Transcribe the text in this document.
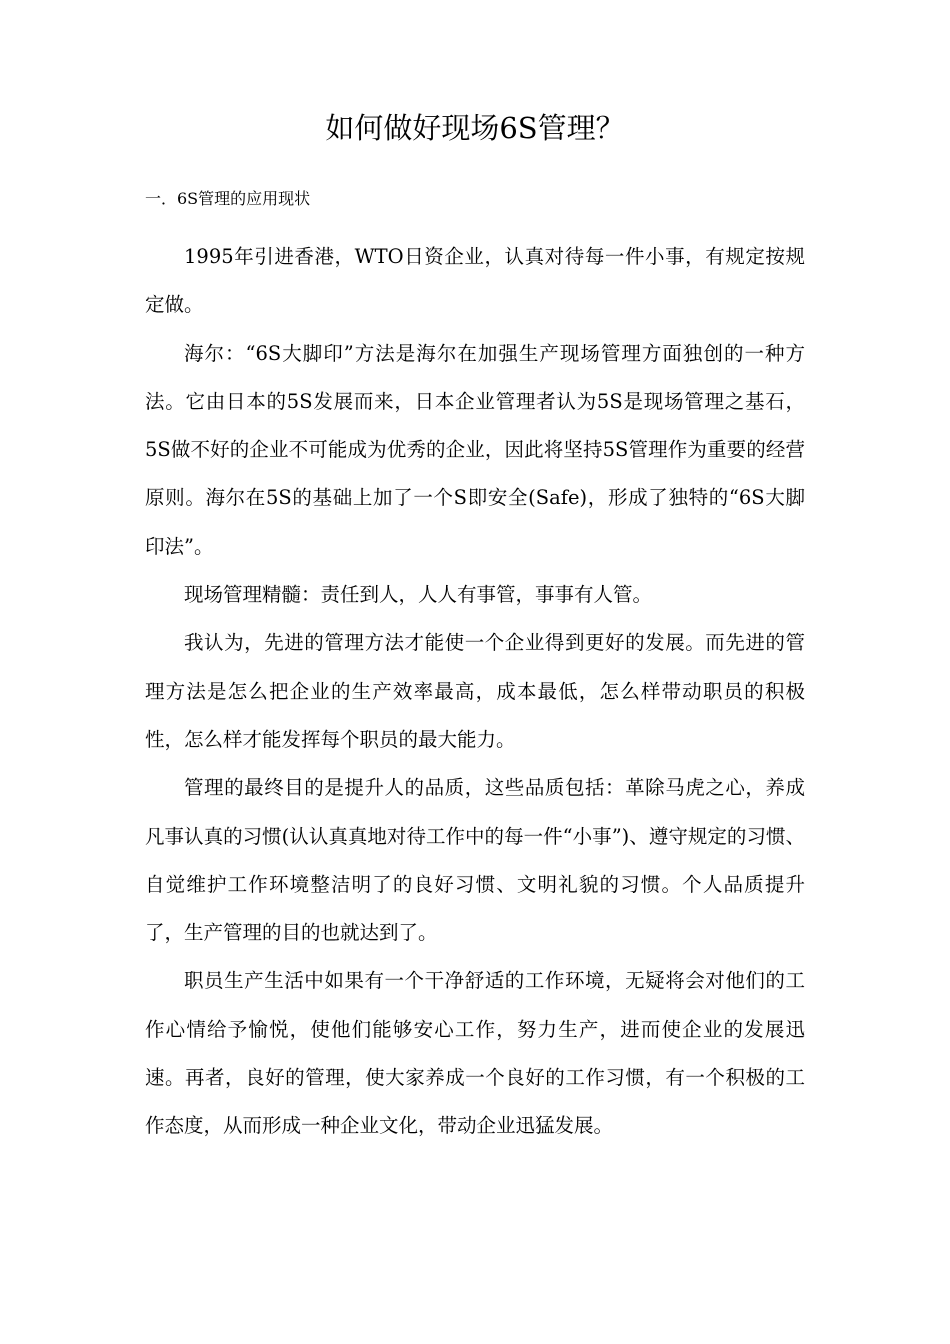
如何做好现场6S管理？

一．6S管理的应用现状

1995年引进香港，WTO日资企业，认真对待每一件小事，有规定按规定做。

海尔：“6S大脚印”方法是海尔在加强生产现场管理方面独创的一种方法。它由日本的5S发展而来，日本企业管理者认为5S是现场管理之基石，5S做不好的企业不可能成为优秀的企业，因此将坚持5S管理作为重要的经营原则。海尔在5S的基础上加了一个S即安全(Safe)，形成了独特的“6S大脚印法”。

现场管理精髓：责任到人，人人有事管，事事有人管。

我认为，先进的管理方法才能使一个企业得到更好的发展。而先进的管理方法是怎么把企业的生产效率最高，成本最低，怎么样带动职员的积极性，怎么样才能发挥每个职员的最大能力。

管理的最终目的是提升人的品质，这些品质包括：革除马虎之心，养成凡事认真的习惯(认认真真地对待工作中的每一件“小事”)、遵守规定的习惯、自觉维护工作环境整洁明了的良好习惯、文明礼貌的习惯。个人品质提升了，生产管理的目的也就达到了。

职员生产生活中如果有一个干净舒适的工作环境，无疑将会对他们的工作心情给予愉悦，使他们能够安心工作，努力生产，进而使企业的发展迅速。再者，良好的管理，使大家养成一个良好的工作习惯，有一个积极的工作态度，从而形成一种企业文化，带动企业迅猛发展。
